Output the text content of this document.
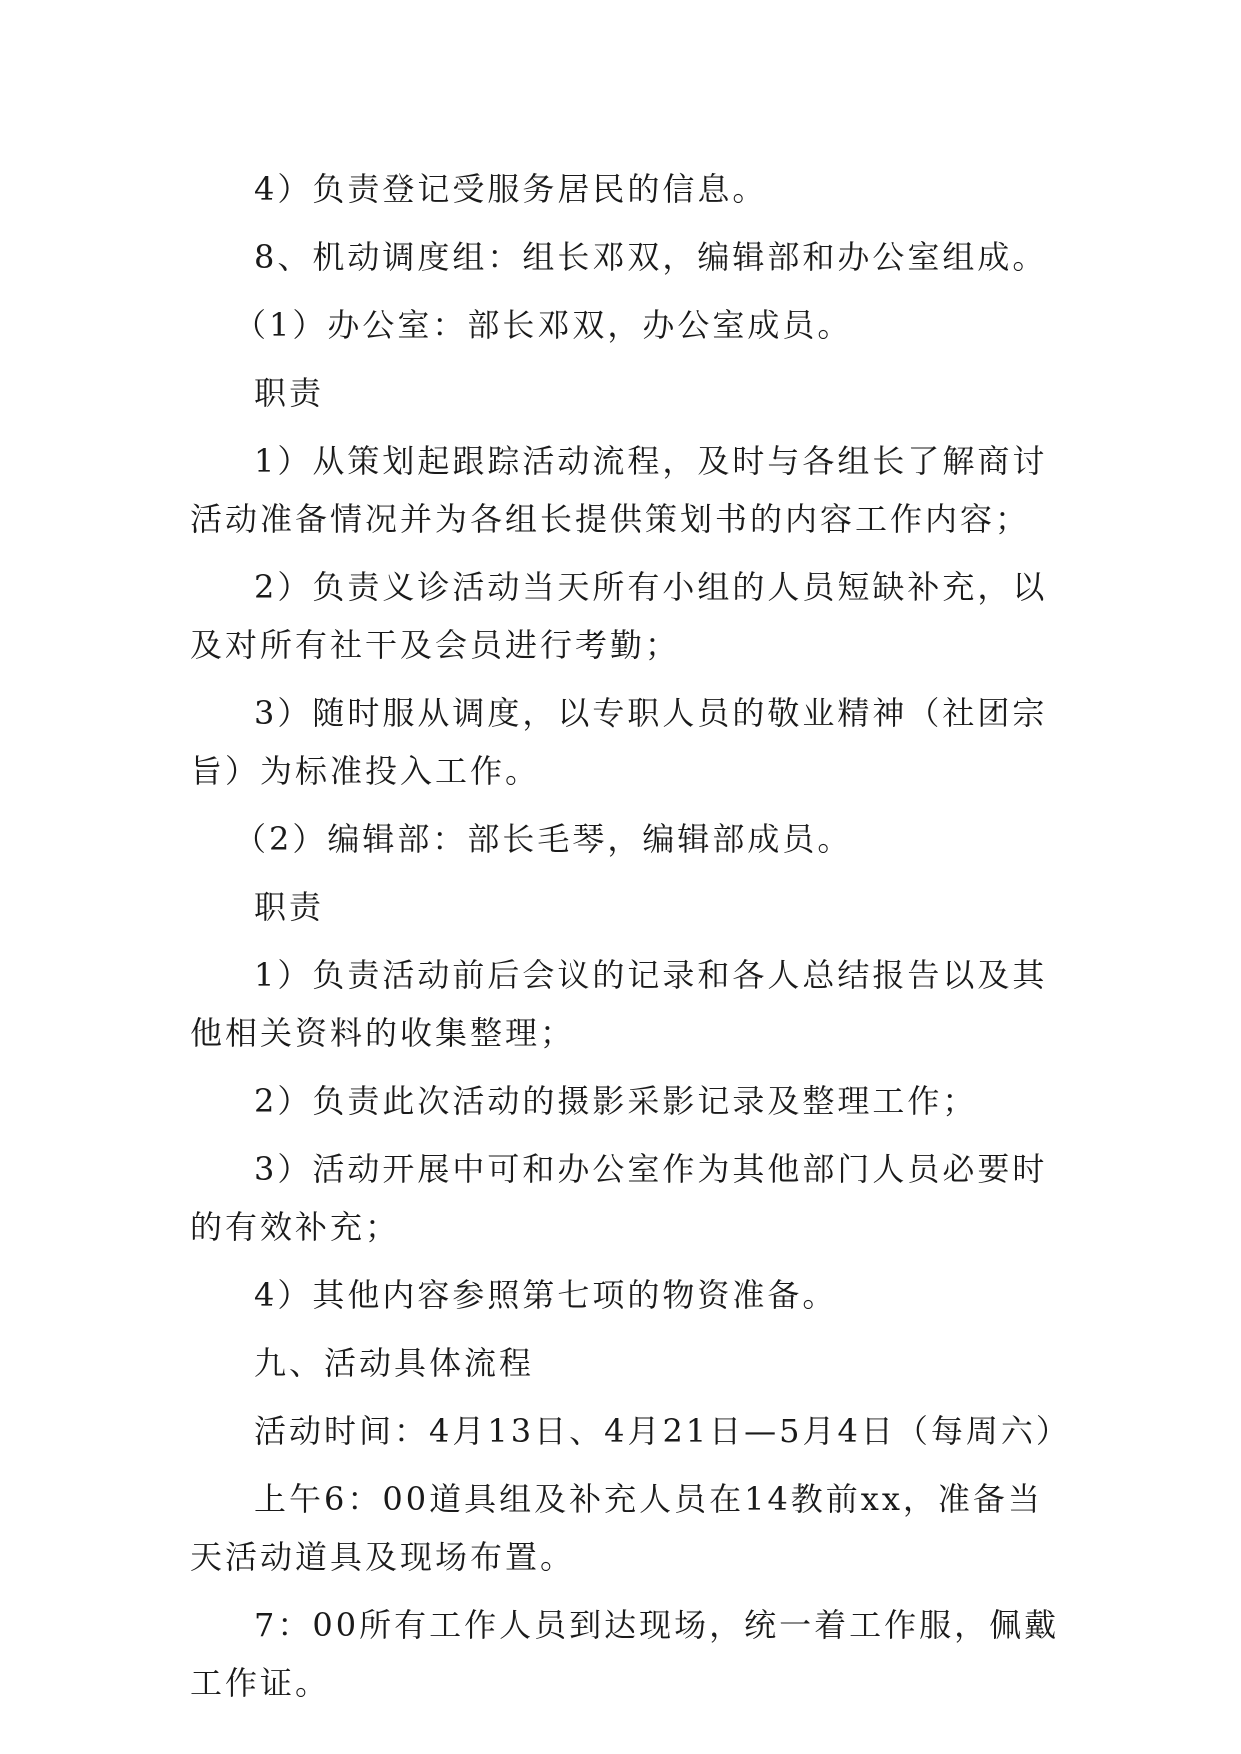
4）负责登记受服务居民的信息。

8、机动调度组：组长邓双，编辑部和办公室组成。

（1）办公室：部长邓双，办公室成员。

职责

1）从策划起跟踪活动流程，及时与各组长了解商讨活动准备情况并为各组长提供策划书的内容工作内容；

2）负责义诊活动当天所有小组的人员短缺补充，以及对所有社干及会员进行考勤；

3）随时服从调度，以专职人员的敬业精神（社团宗旨）为标准投入工作。

（2）编辑部：部长毛琴，编辑部成员。

职责

1）负责活动前后会议的记录和各人总结报告以及其他相关资料的收集整理；

2）负责此次活动的摄影采影记录及整理工作；

3）活动开展中可和办公室作为其他部门人员必要时的有效补充；

4）其他内容参照第七项的物资准备。

九、活动具体流程

活动时间：4月13日、4月21日—5月4日（每周六）

上午6：00道具组及补充人员在14教前xx，准备当天活动道具及现场布置。

7：00所有工作人员到达现场，统一着工作服，佩戴工作证。
